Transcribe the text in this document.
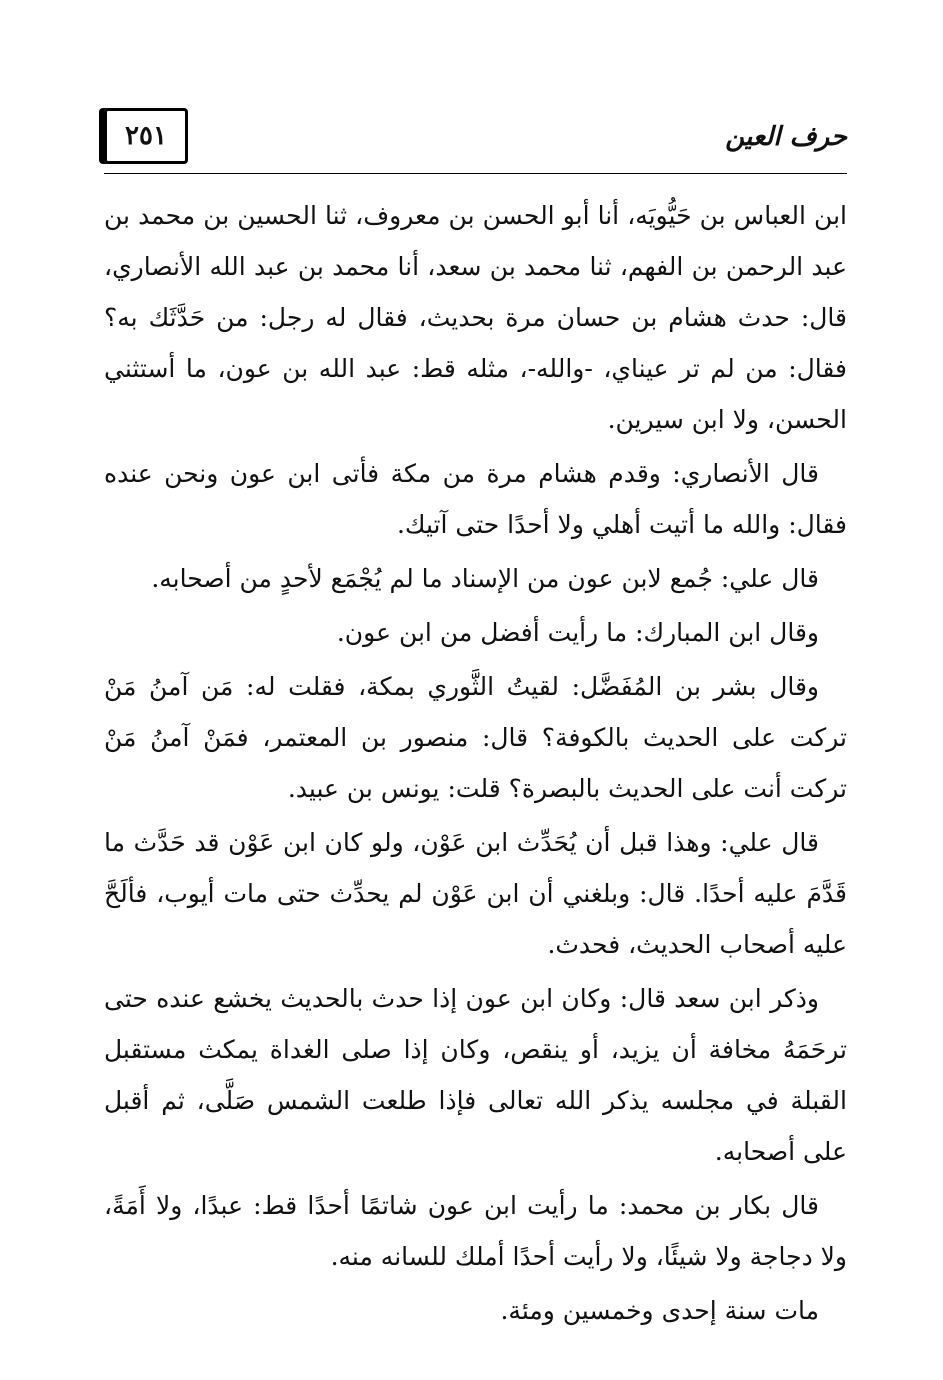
٢٥١	حرف العين

ابن العباس بن حَيُّويَه، أنا أبو الحسن بن معروف، ثنا الحسين بن محمد بن عبد الرحمن بن الفهم، ثنا محمد بن سعد، أنا محمد بن عبد الله الأنصاري، قال: حدث هشام بن حسان مرة بحديث، فقال له رجل: من حَدَّثَك به؟ فقال: من لم تر عيناي، -والله-، مثله قط: عبد الله بن عون، ما أستثني الحسن، ولا ابن سيرين.

قال الأنصاري: وقدم هشام مرة من مكة فأتى ابن عون ونحن عنده فقال: والله ما أتيت أهلي ولا أحدًا حتى آتيك.

قال علي: جُمع لابن عون من الإسناد ما لم يُجْمَع لأحدٍ من أصحابه.

وقال ابن المبارك: ما رأيت أفضل من ابن عون.

وقال بشر بن المُفَضَّل: لقيتُ الثَّوري بمكة، فقلت له: مَن آمنُ مَنْ تركت على الحديث بالكوفة؟ قال: منصور بن المعتمر، فمَنْ آمنُ مَنْ تركت أنت على الحديث بالبصرة؟ قلت: يونس بن عبيد.

قال علي: وهذا قبل أن يُحَدِّث ابن عَوْن، ولو كان ابن عَوْن قد حَدَّث ما قَدَّمَ عليه أحدًا. قال: وبلغني أن ابن عَوْن لم يحدِّث حتى مات أيوب، فألَحَّ عليه أصحاب الحديث، فحدث.

وذكر ابن سعد قال: وكان ابن عون إذا حدث بالحديث يخشع عنده حتى ترحَمَهُ مخافة أن يزيد، أو ينقص، وكان إذا صلى الغداة يمكث مستقبل القبلة في مجلسه يذكر الله تعالى فإذا طلعت الشمس صَلَّى، ثم أقبل على أصحابه.

قال بكار بن محمد: ما رأيت ابن عون شاتمًا أحدًا قط: عبدًا، ولا أَمَةً، ولا دجاجة ولا شيئًا، ولا رأيت أحدًا أملك للسانه منه.

مات سنة إحدى وخمسين ومئة.
